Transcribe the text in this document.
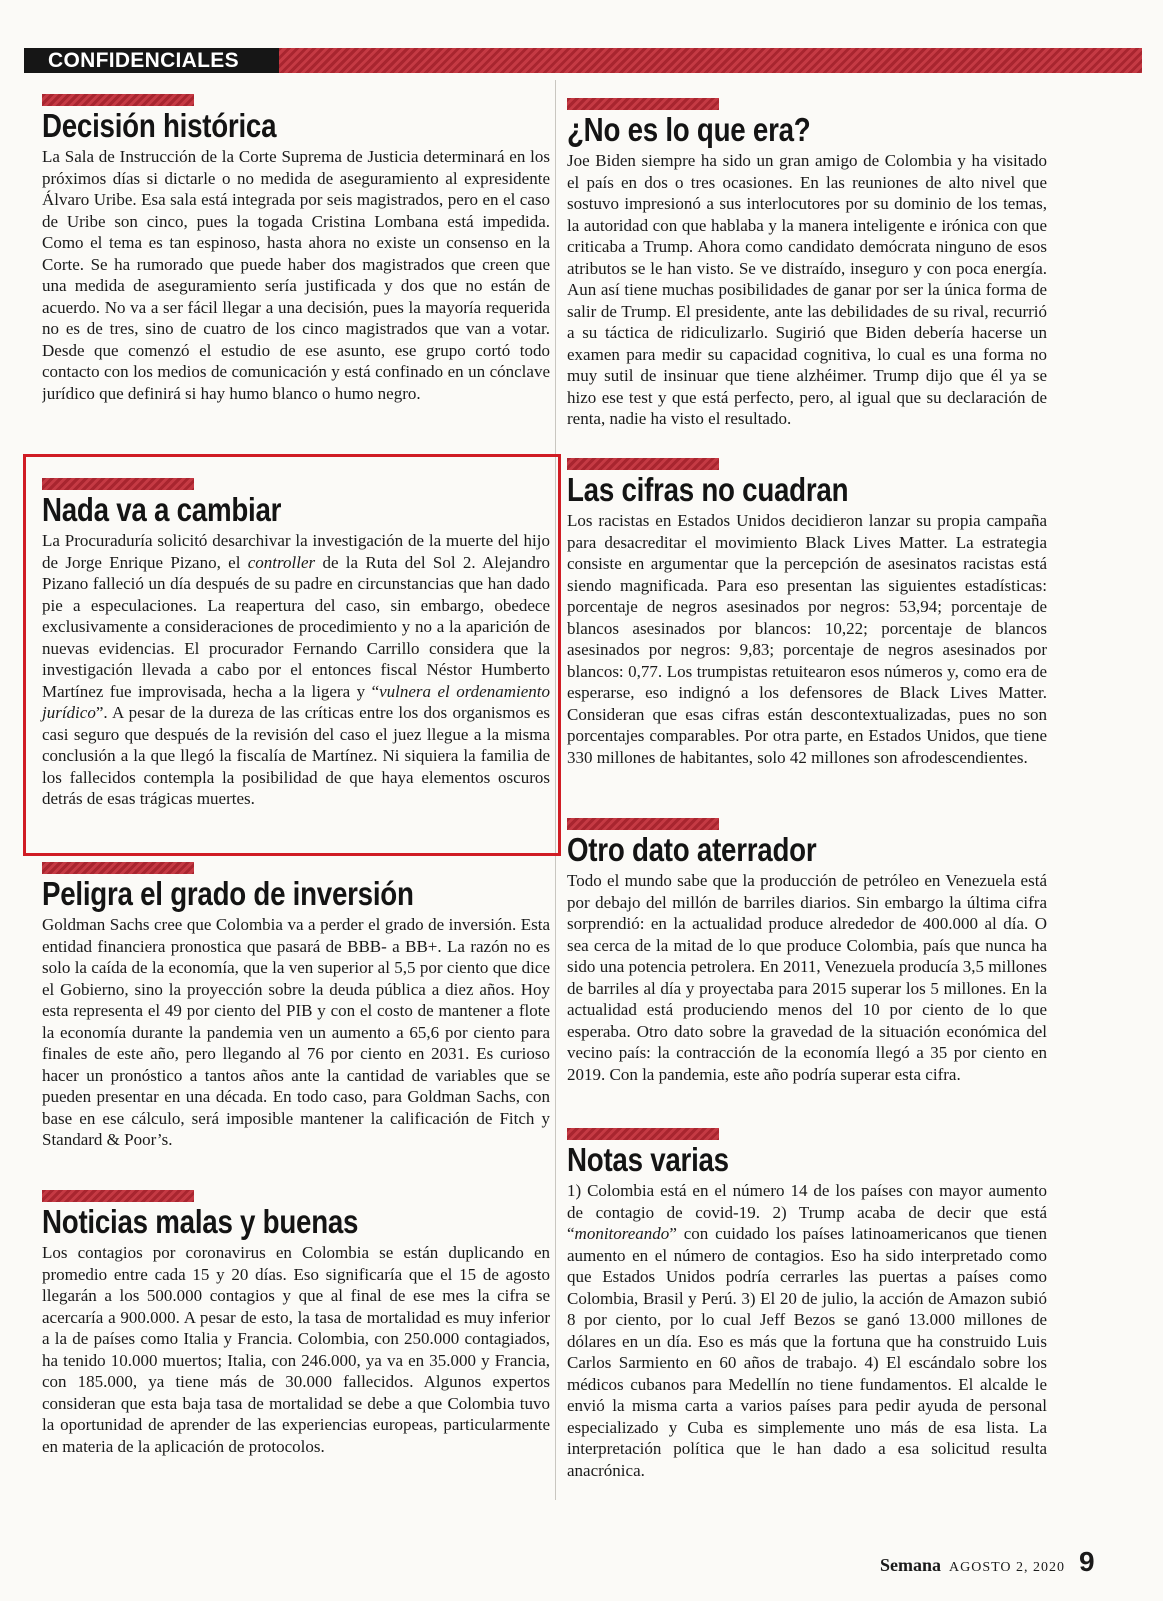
CONFIDENCIALES
Decisión histórica

La Sala de Instrucción de la Corte Suprema de Justicia determinará en los próximos días si dictarle o no medida de aseguramiento al expresidente Álvaro Uribe. Esa sala está integrada por seis magistrados, pero en el caso de Uribe son cinco, pues la togada Cristina Lombana está impedida. Como el tema es tan espinoso, hasta ahora no existe un consenso en la Corte. Se ha rumorado que puede haber dos magistrados que creen que una medida de aseguramiento sería justificada y dos que no están de acuerdo. No va a ser fácil llegar a una decisión, pues la mayoría requerida no es de tres, sino de cuatro de los cinco magistrados que van a votar. Desde que comenzó el estudio de ese asunto, ese grupo cortó todo contacto con los medios de comunicación y está confinado en un cónclave jurídico que definirá si hay humo blanco o humo negro.

Nada va a cambiar

La Procuraduría solicitó desarchivar la investigación de la muerte del hijo de Jorge Enrique Pizano, el controller de la Ruta del Sol 2. Alejandro Pizano falleció un día después de su padre en circunstancias que han dado pie a especulaciones. La reapertura del caso, sin embargo, obedece exclusivamente a consideraciones de procedimiento y no a la aparición de nuevas evidencias. El procurador Fernando Carrillo considera que la investigación llevada a cabo por el entonces fiscal Néstor Humberto Martínez fue improvisada, hecha a la ligera y “vulnera el ordenamiento jurídico”. A pesar de la dureza de las críticas entre los dos organismos es casi seguro que después de la revisión del caso el juez llegue a la misma conclusión a la que llegó la fiscalía de Martínez. Ni siquiera la familia de los fallecidos contempla la posibilidad de que haya elementos oscuros detrás de esas trágicas muertes.

Peligra el grado de inversión

Goldman Sachs cree que Colombia va a perder el grado de inversión. Esta entidad financiera pronostica que pasará de BBB- a BB+. La razón no es solo la caída de la economía, que la ven superior al 5,5 por ciento que dice el Gobierno, sino la proyección sobre la deuda pública a diez años. Hoy esta representa el 49 por ciento del PIB y con el costo de mantener a flote la economía durante la pandemia ven un aumento a 65,6 por ciento para finales de este año, pero llegando al 76 por ciento en 2031. Es curioso hacer un pronóstico a tantos años ante la cantidad de variables que se pueden presentar en una década. En todo caso, para Goldman Sachs, con base en ese cálculo, será imposible mantener la calificación de Fitch y Standard & Poor’s.

Noticias malas y buenas

Los contagios por coronavirus en Colombia se están duplicando en promedio entre cada 15 y 20 días. Eso significaría que el 15 de agosto llegarán a los 500.000 contagios y que al final de ese mes la cifra se acercaría a 900.000. A pesar de esto, la tasa de mortalidad es muy inferior a la de países como Italia y Francia. Colombia, con 250.000 contagiados, ha tenido 10.000 muertos; Italia, con 246.000, ya va en 35.000 y Francia, con 185.000, ya tiene más de 30.000 fallecidos. Algunos expertos consideran que esta baja tasa de mortalidad se debe a que Colombia tuvo la oportunidad de aprender de las experiencias europeas, particularmente en materia de la aplicación de protocolos.

¿No es lo que era?

Joe Biden siempre ha sido un gran amigo de Colombia y ha visitado el país en dos o tres ocasiones. En las reuniones de alto nivel que sostuvo impresionó a sus interlocutores por su dominio de los temas, la autoridad con que hablaba y la manera inteligente e irónica con que criticaba a Trump. Ahora como candidato demócrata ninguno de esos atributos se le han visto. Se ve distraído, inseguro y con poca energía. Aun así tiene muchas posibilidades de ganar por ser la única forma de salir de Trump. El presidente, ante las debilidades de su rival, recurrió a su táctica de ridiculizarlo. Sugirió que Biden debería hacerse un examen para medir su capacidad cognitiva, lo cual es una forma no muy sutil de insinuar que tiene alzhéimer. Trump dijo que él ya se hizo ese test y que está perfecto, pero, al igual que su declaración de renta, nadie ha visto el resultado.

Las cifras no cuadran

Los racistas en Estados Unidos decidieron lanzar su propia campaña para desacreditar el movimiento Black Lives Matter. La estrategia consiste en argumentar que la percepción de asesinatos racistas está siendo magnificada. Para eso presentan las siguientes estadísticas: porcentaje de negros asesinados por negros: 53,94; porcentaje de blancos asesinados por blancos: 10,22; porcentaje de blancos asesinados por negros: 9,83; porcentaje de negros asesinados por blancos: 0,77. Los trumpistas retuitearon esos números y, como era de esperarse, eso indignó a los defensores de Black Lives Matter. Consideran que esas cifras están descontextualizadas, pues no son porcentajes comparables. Por otra parte, en Estados Unidos, que tiene 330 millones de habitantes, solo 42 millones son afrodescendientes.

Otro dato aterrador

Todo el mundo sabe que la producción de petróleo en Venezuela está por debajo del millón de barriles diarios. Sin embargo la última cifra sorprendió: en la actualidad produce alrededor de 400.000 al día. O sea cerca de la mitad de lo que produce Colombia, país que nunca ha sido una potencia petrolera. En 2011, Venezuela producía 3,5 millones de barriles al día y proyectaba para 2015 superar los 5 millones. En la actualidad está produciendo menos del 10 por ciento de lo que esperaba. Otro dato sobre la gravedad de la situación económica del vecino país: la contracción de la economía llegó a 35 por ciento en 2019. Con la pandemia, este año podría superar esta cifra.

Notas varias

1) Colombia está en el número 14 de los países con mayor aumento de contagio de covid-19. 2) Trump acaba de decir que está “monitoreando” con cuidado los países latinoamericanos que tienen aumento en el número de contagios. Eso ha sido interpretado como que Estados Unidos podría cerrarles las puertas a países como Colombia, Brasil y Perú. 3) El 20 de julio, la acción de Amazon subió 8 por ciento, por lo cual Jeff Bezos se ganó 13.000 millones de dólares en un día. Eso es más que la fortuna que ha construido Luis Carlos Sarmiento en 60 años de trabajo. 4) El escándalo sobre los médicos cubanos para Medellín no tiene fundamentos. El alcalde le envió la misma carta a varios países para pedir ayuda de personal especializado y Cuba es simplemente uno más de esa lista. La interpretación política que le han dado a esa solicitud resulta anacrónica.

Semana AGOSTO 2, 2020 9
